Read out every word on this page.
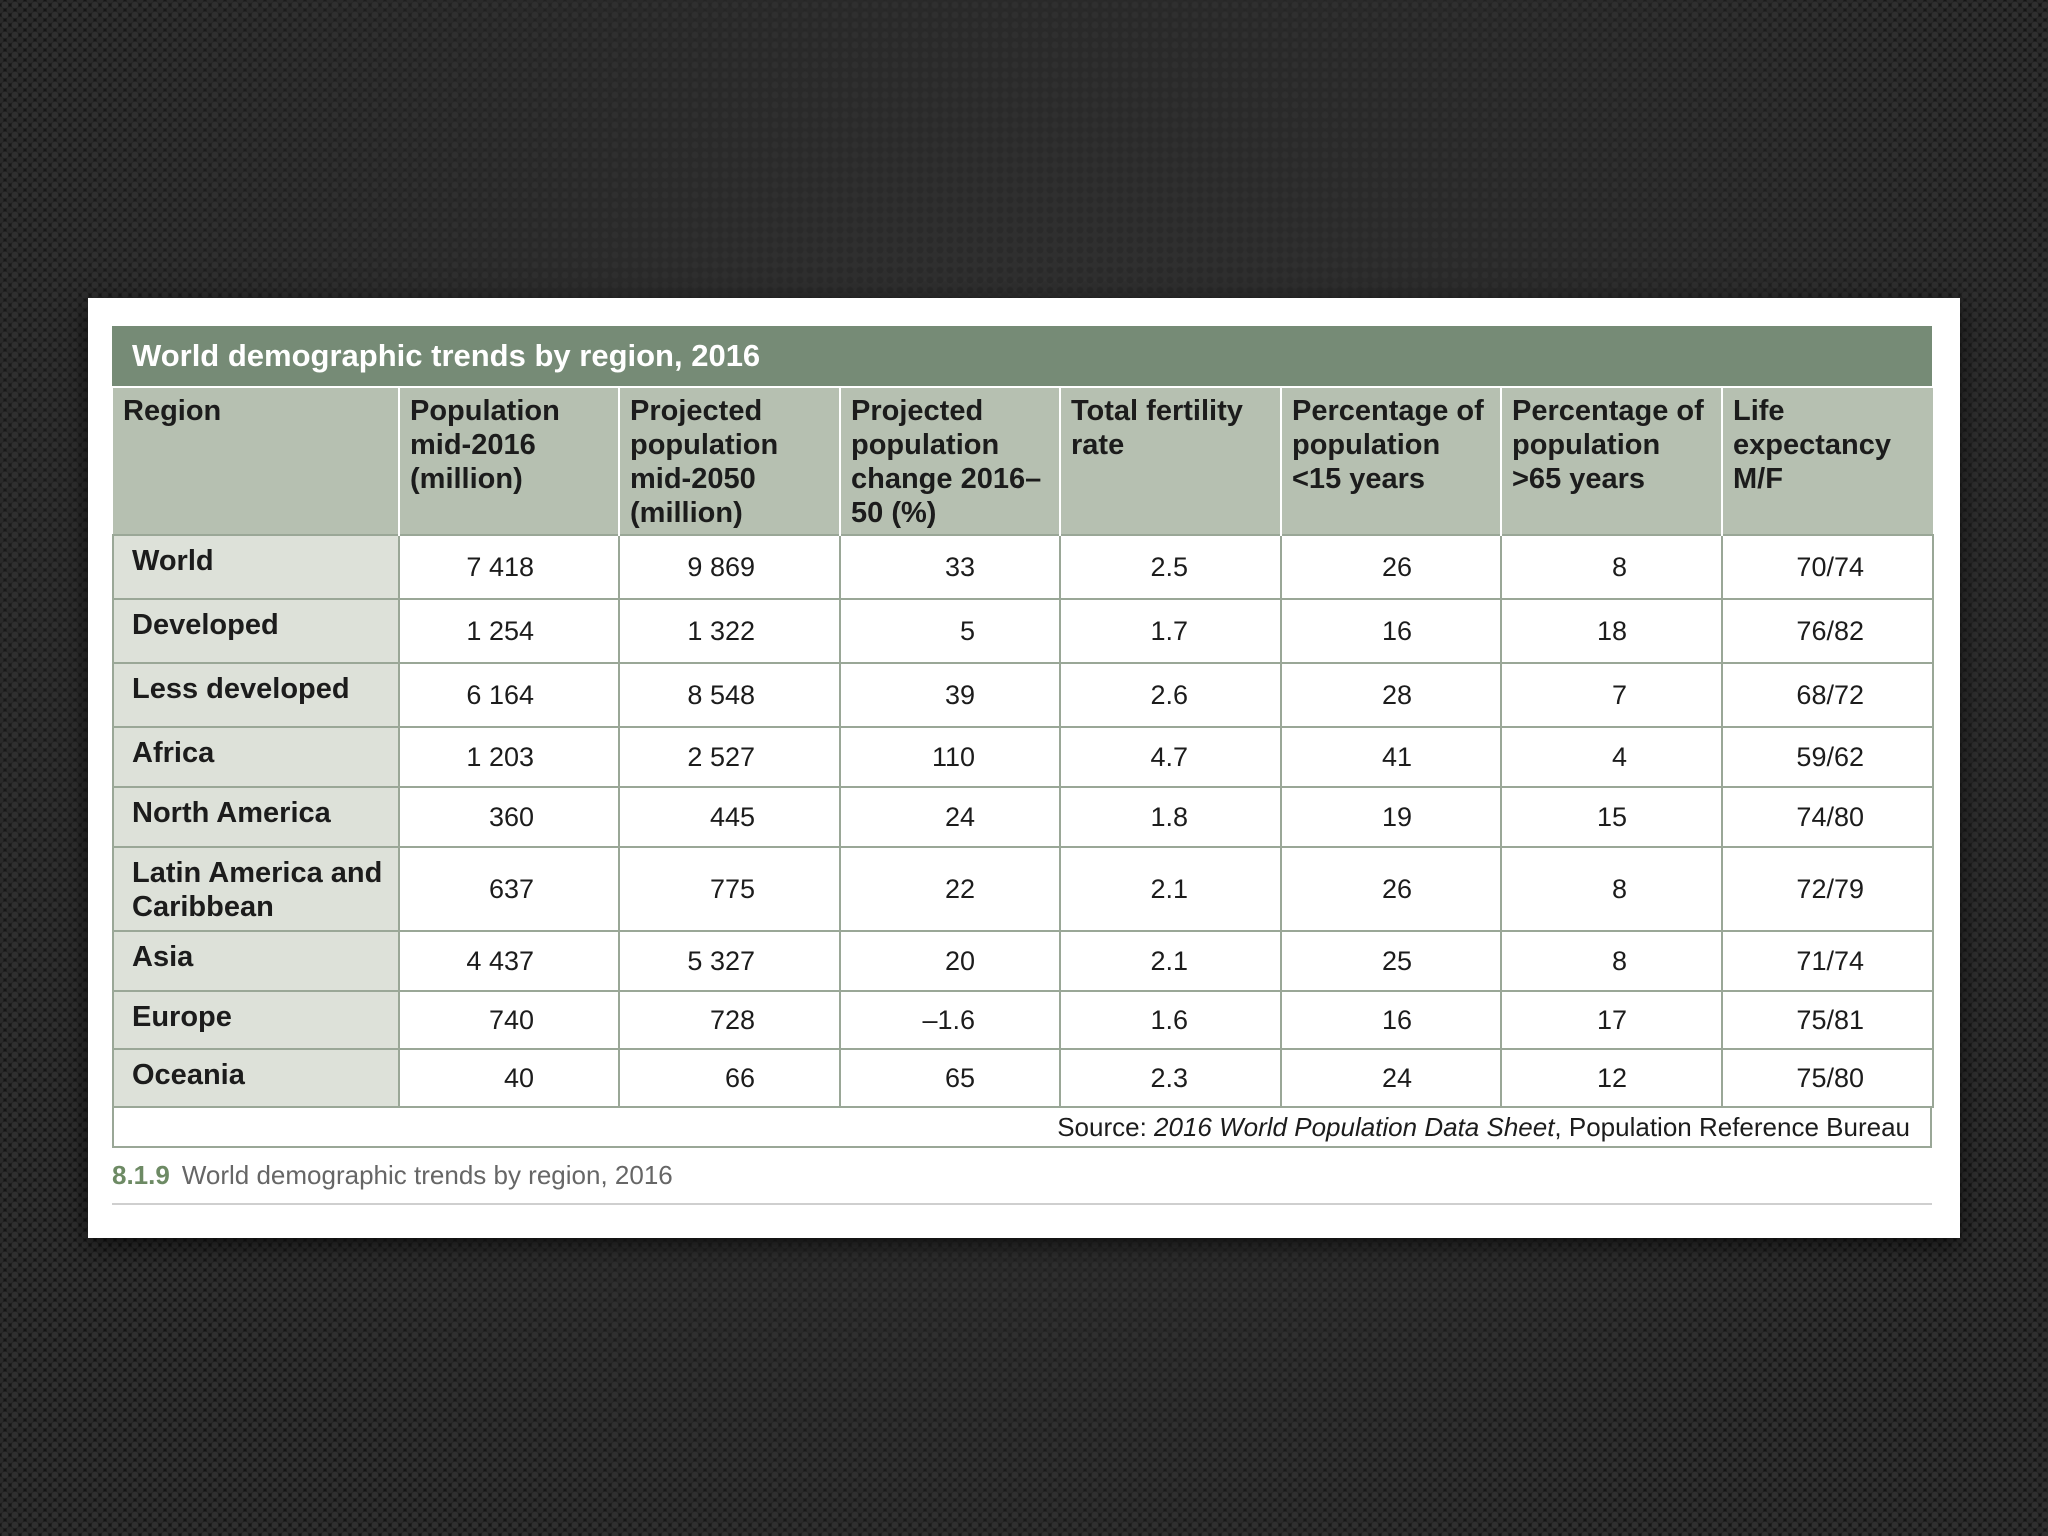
World demographic trends by region, 2016
Region	Population mid-2016 (million)	Projected population mid-2050 (million)	Projected population change 2016–50 (%)	Total fertility rate	Percentage of population <15 years	Percentage of population >65 years	Life expectancy M/F
World	7 418	9 869	33	2.5	26	8	70/74
Developed	1 254	1 322	5	1.7	16	18	76/82
Less developed	6 164	8 548	39	2.6	28	7	68/72
Africa	1 203	2 527	110	4.7	41	4	59/62
North America	360	445	24	1.8	19	15	74/80
Latin America and Caribbean	637	775	22	2.1	26	8	72/79
Asia	4 437	5 327	20	2.1	25	8	71/74
Europe	740	728	–1.6	1.6	16	17	75/81
Oceania	40	66	65	2.3	24	12	75/80
Source: 2016 World Population Data Sheet, Population Reference Bureau
8.1.9 World demographic trends by region, 2016
